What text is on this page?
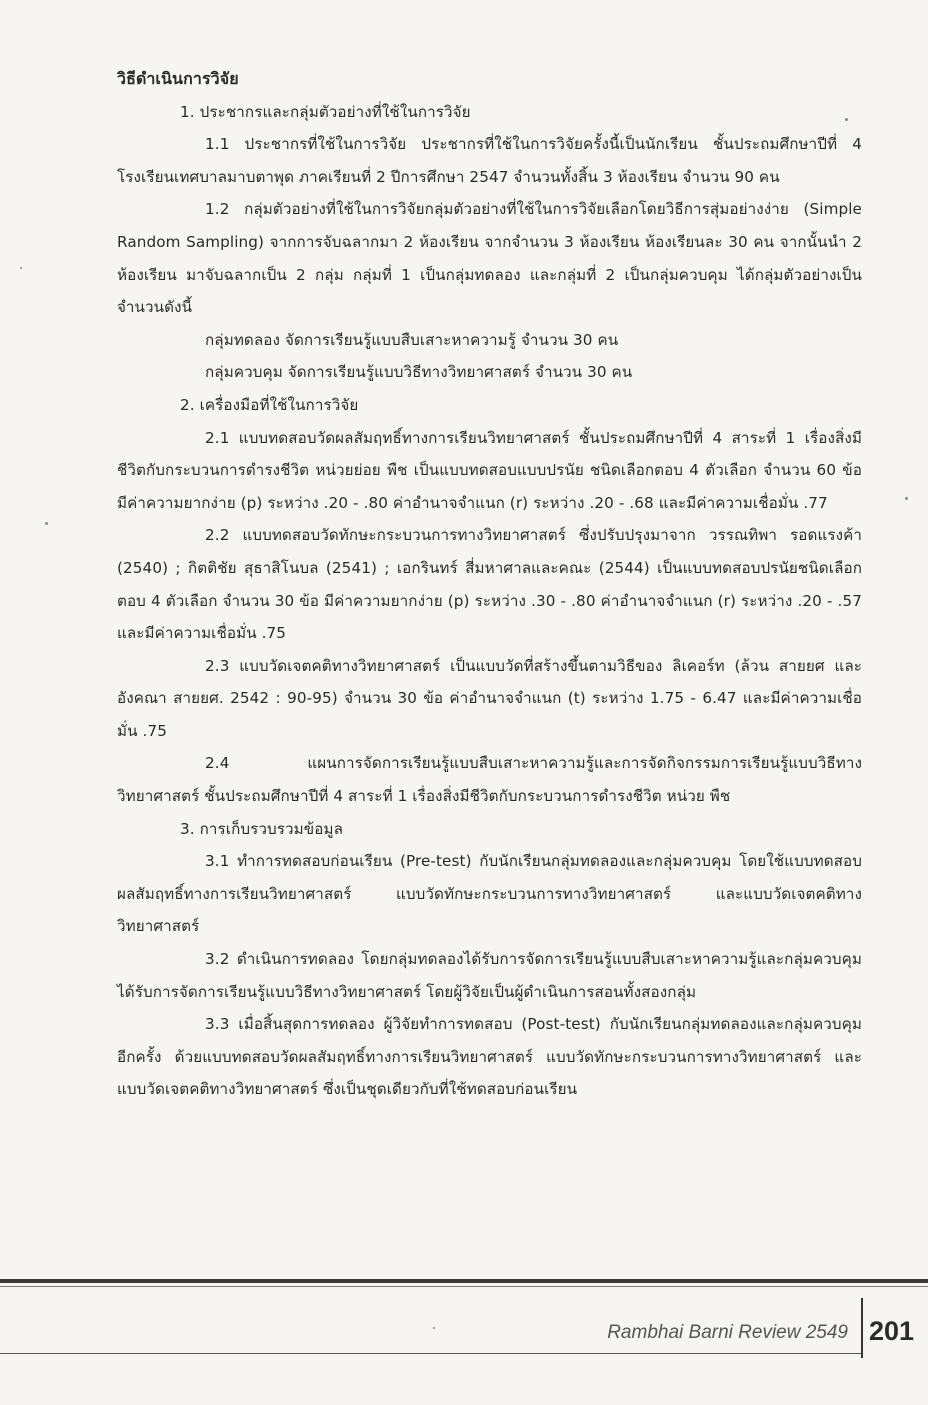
วิธีดำเนินการวิจัย

1. ประชากรและกลุ่มตัวอย่างที่ใช้ในการวิจัย

1.1 ประชากรที่ใช้ในการวิจัย ประชากรที่ใช้ในการวิจัยครั้งนี้เป็นนักเรียน ชั้นประถมศึกษาปีที่ 4 โรงเรียนเทศบาลมาบตาพุด ภาคเรียนที่ 2 ปีการศึกษา 2547 จำนวนทั้งสิ้น 3 ห้องเรียน จำนวน 90 คน

1.2 กลุ่มตัวอย่างที่ใช้ในการวิจัยกลุ่มตัวอย่างที่ใช้ในการวิจัยเลือกโดยวิธีการสุ่มอย่างง่าย (Simple Random Sampling) จากการจับฉลากมา 2 ห้องเรียน จากจำนวน 3 ห้องเรียน ห้องเรียนละ 30 คน จากนั้นนำ 2 ห้องเรียน มาจับฉลากเป็น 2 กลุ่ม กลุ่มที่ 1 เป็นกลุ่มทดลอง และกลุ่มที่ 2 เป็นกลุ่มควบคุม ได้กลุ่มตัวอย่างเป็นจำนวนดังนี้

กลุ่มทดลอง จัดการเรียนรู้แบบสืบเสาะหาความรู้ จำนวน 30 คน

กลุ่มควบคุม จัดการเรียนรู้แบบวิธีทางวิทยาศาสตร์ จำนวน 30 คน

2. เครื่องมือที่ใช้ในการวิจัย

2.1 แบบทดสอบวัดผลสัมฤทธิ์ทางการเรียนวิทยาศาสตร์ ชั้นประถมศึกษาปีที่ 4 สาระที่ 1 เรื่องสิ่งมีชีวิตกับกระบวนการดำรงชีวิต หน่วยย่อย พืช เป็นแบบทดสอบแบบปรนัย ชนิดเลือกตอบ 4 ตัวเลือก จำนวน 60 ข้อ มีค่าความยากง่าย (p) ระหว่าง .20 - .80 ค่าอำนาจจำแนก (r) ระหว่าง .20 - .68 และมีค่าความเชื่อมั่น .77

2.2 แบบทดสอบวัดทักษะกระบวนการทางวิทยาศาสตร์ ซึ่งปรับปรุงมาจาก วรรณทิพา รอดแรงค้า (2540) ; กิตติชัย สุธาสิโนบล (2541) ; เอกรินทร์ สี่มหาศาลและคณะ (2544) เป็นแบบทดสอบปรนัยชนิดเลือกตอบ 4 ตัวเลือก จำนวน 30 ข้อ มีค่าความยากง่าย (p) ระหว่าง .30 - .80 ค่าอำนาจจำแนก (r) ระหว่าง .20 - .57 และมีค่าความเชื่อมั่น .75

2.3 แบบวัดเจตคติทางวิทยาศาสตร์ เป็นแบบวัดที่สร้างขึ้นตามวิธีของ ลิเคอร์ท (ล้วน สายยศ และอังคณา สายยศ. 2542 : 90-95) จำนวน 30 ข้อ ค่าอำนาจจำแนก (t) ระหว่าง 1.75 - 6.47 และมีค่าความเชื่อมั่น .75

2.4 แผนการจัดการเรียนรู้แบบสืบเสาะหาความรู้และการจัดกิจกรรมการเรียนรู้แบบวิธีทางวิทยาศาสตร์ ชั้นประถมศึกษาปีที่ 4 สาระที่ 1 เรื่องสิ่งมีชีวิตกับกระบวนการดำรงชีวิต หน่วย พืช

3. การเก็บรวบรวมข้อมูล

3.1 ทำการทดสอบก่อนเรียน (Pre-test) กับนักเรียนกลุ่มทดลองและกลุ่มควบคุม โดยใช้แบบทดสอบผลสัมฤทธิ์ทางการเรียนวิทยาศาสตร์ แบบวัดทักษะกระบวนการทางวิทยาศาสตร์ และแบบวัดเจตคติทางวิทยาศาสตร์

3.2 ดำเนินการทดลอง โดยกลุ่มทดลองได้รับการจัดการเรียนรู้แบบสืบเสาะหาความรู้และกลุ่มควบคุมได้รับการจัดการเรียนรู้แบบวิธีทางวิทยาศาสตร์ โดยผู้วิจัยเป็นผู้ดำเนินการสอนทั้งสองกลุ่ม

3.3 เมื่อสิ้นสุดการทดลอง ผู้วิจัยทำการทดสอบ (Post-test) กับนักเรียนกลุ่มทดลองและกลุ่มควบคุมอีกครั้ง ด้วยแบบทดสอบวัดผลสัมฤทธิ์ทางการเรียนวิทยาศาสตร์ แบบวัดทักษะกระบวนการทางวิทยาศาสตร์ และแบบวัดเจตคติทางวิทยาศาสตร์ ซึ่งเป็นชุดเดียวกับที่ใช้ทดสอบก่อนเรียน

Rambhai Barni Review 2549 201
